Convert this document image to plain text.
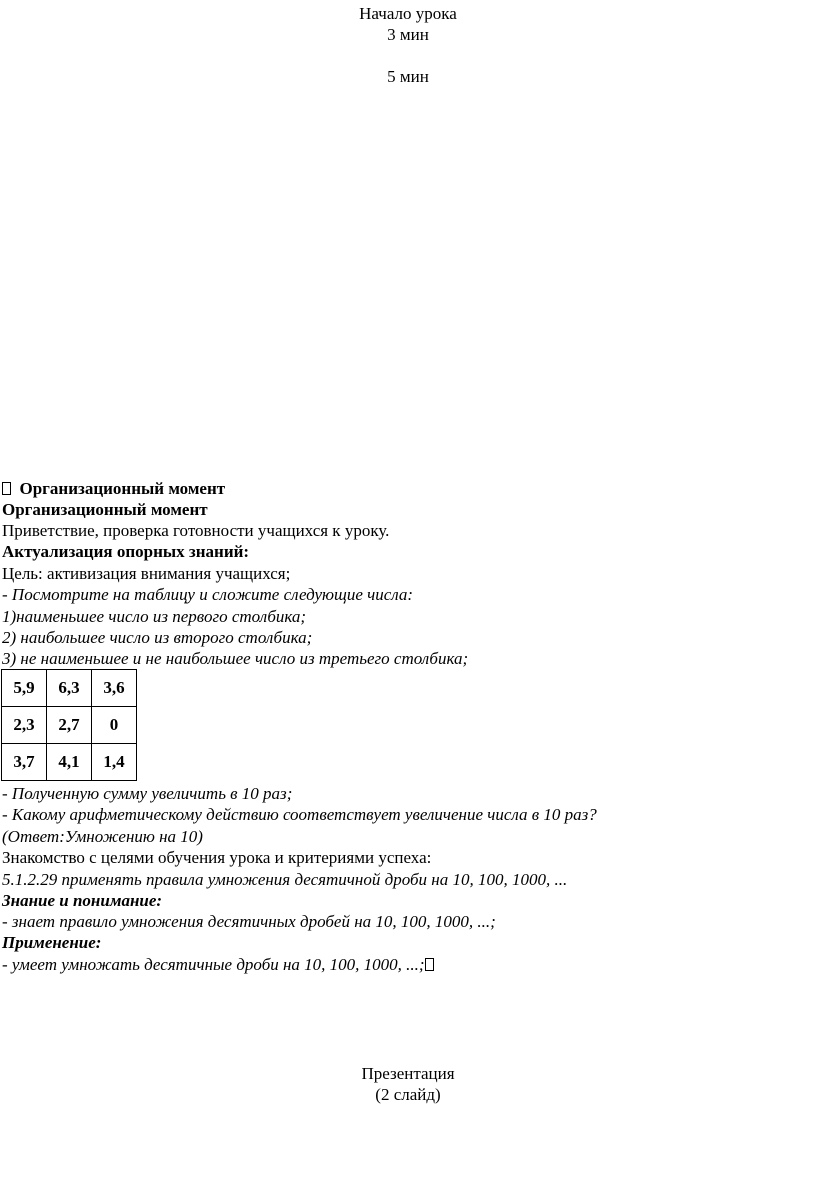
Начало урока
3 мин
5 мин
Организационный момент
Организационный момент
Приветствие, проверка готовности учащихся к уроку.
Актуализация опорных знаний:
Цель: активизация внимания учащихся;
- Посмотрите на таблицу и сложите следующие числа:
1)наименьшее число из первого столбика;
2) наибольшее число из второго столбика;
3) не наименьшее и не наибольшее число из третьего столбика;
5,9	6,3	3,6
2,3	2,7	0
3,7	4,1	1,4
- Полученную сумму увеличить в 10 раз;
- Какому арифметическому действию соответствует увеличение числа в 10 раз?
(Ответ:Умножению на 10)
Знакомство с целями обучения урока и критериями успеха:
5.1.2.29 применять правила умножения десятичной дроби на 10, 100, 1000, ...
Знание и понимание:
- знает правило умножения десятичных дробей на 10, 100, 1000, ...;
Применение:
- умеет умножать десятичные дроби на 10, 100, 1000, ...;
Презентация
(2 слайд)
